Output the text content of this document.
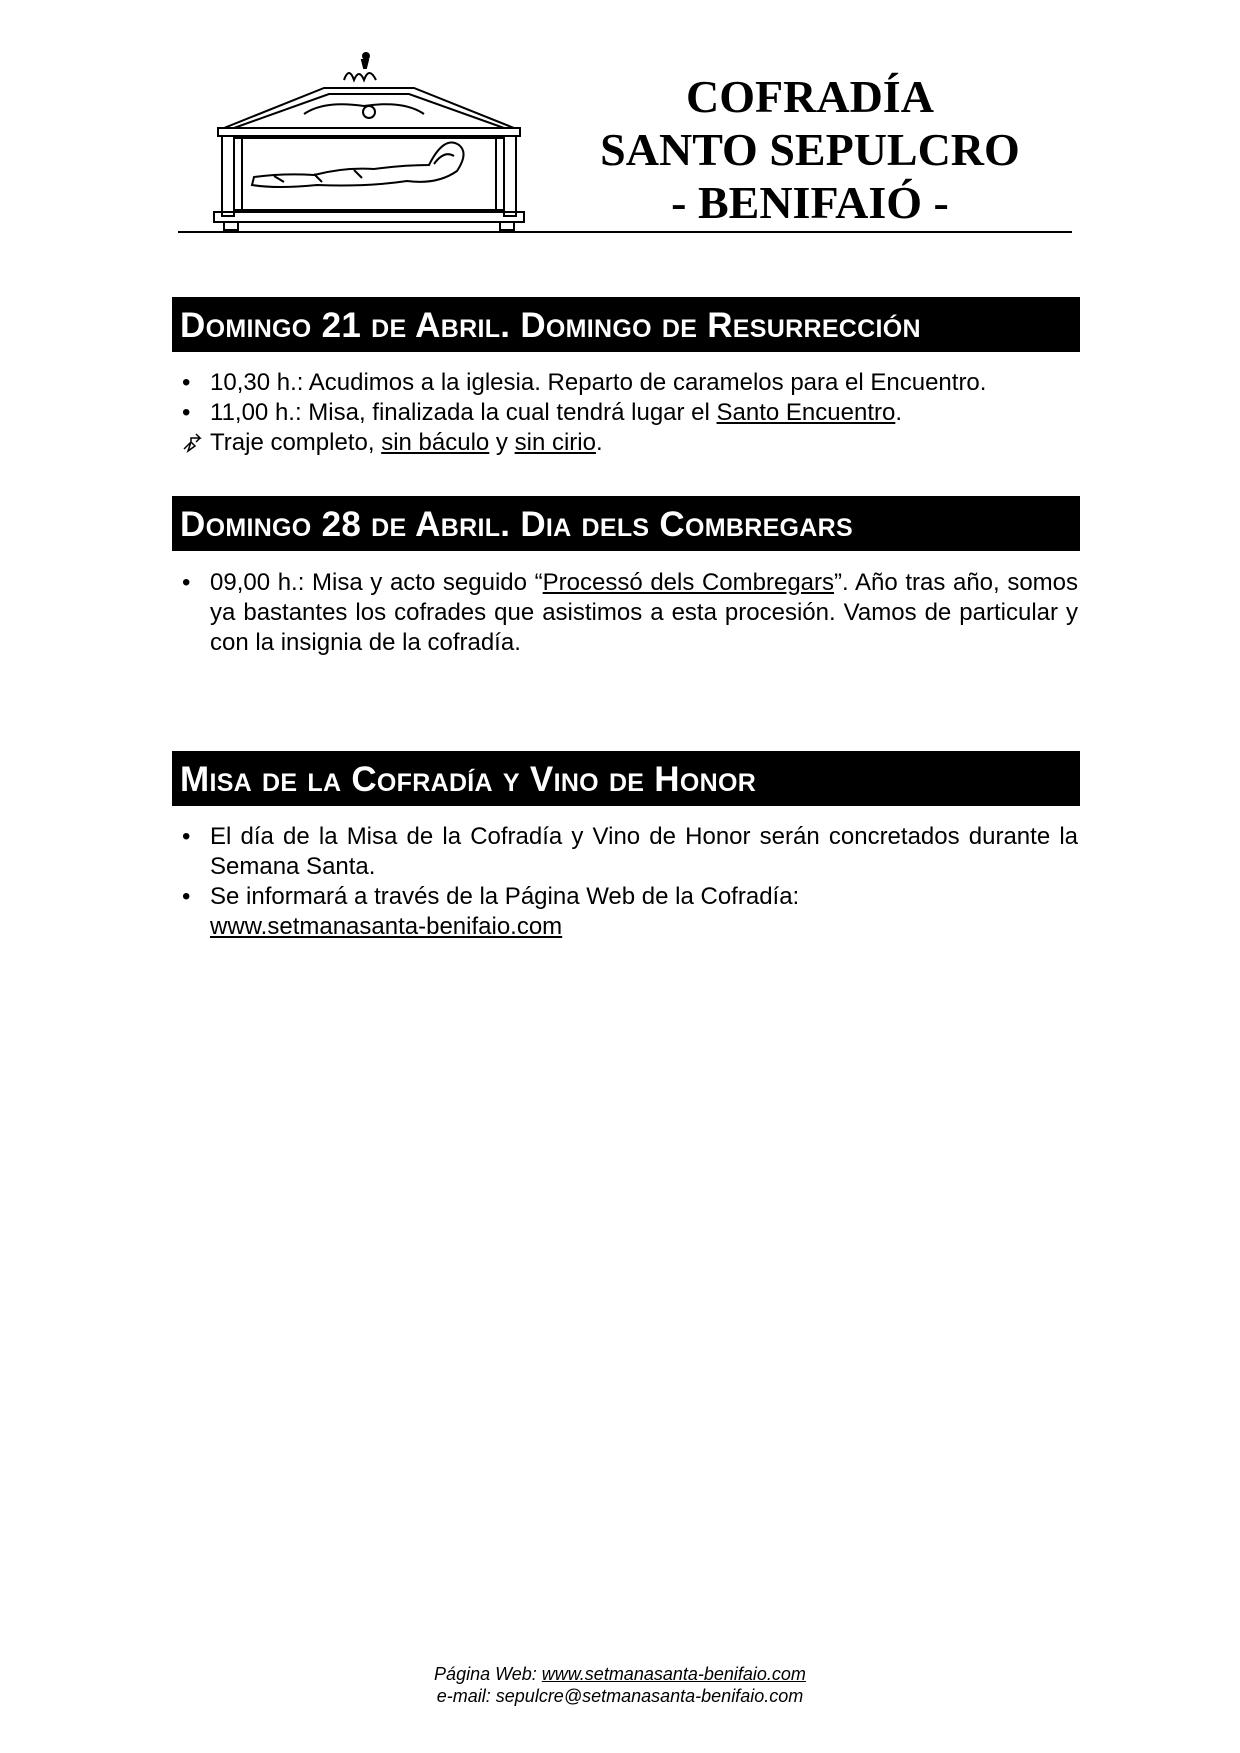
COFRADÍA
SANTO SEPULCRO
- BENIFAIÓ -
Domingo 21 de Abril. Domingo de Resurrección
• 10,30 h.: Acudimos a la iglesia. Reparto de caramelos para el Encuentro.
• 11,00 h.: Misa, finalizada la cual tendrá lugar el Santo Encuentro.
Traje completo, sin báculo y sin cirio.
Domingo 28 de Abril. Dia dels Combregars
• 09,00 h.: Misa y acto seguido “Processó dels Combregars”. Año tras año, somos ya bastantes los cofrades que asistimos a esta procesión. Vamos de particular y con la insignia de la cofradía.
Misa de la Cofradía y Vino de Honor
• El día de la Misa de la Cofradía y Vino de Honor serán concretados durante la Semana Santa.
• Se informará a través de la Página Web de la Cofradía:
www.setmanasanta-benifaio.com
Página Web: www.setmanasanta-benifaio.com
e-mail: sepulcre@setmanasanta-benifaio.com
